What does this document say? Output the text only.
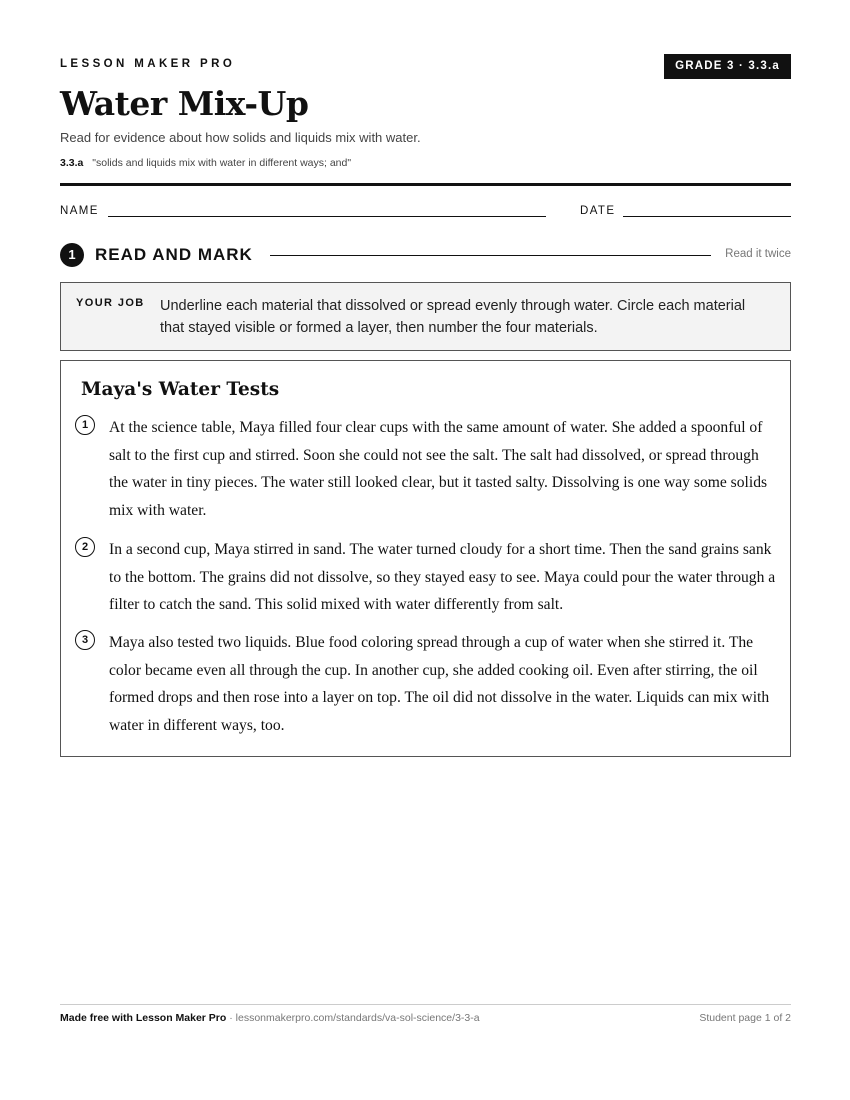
LESSON MAKER PRO	GRADE 3 · 3.3.a
Water Mix-Up
Read for evidence about how solids and liquids mix with water.
3.3.a "solids and liquids mix with water in different ways; and"
NAME	DATE
1	READ AND MARK	Read it twice
YOUR JOB Underline each material that dissolved or spread evenly through water. Circle each material that stayed visible or formed a layer, then number the four materials.
Maya's Water Tests
1	At the science table, Maya filled four clear cups with the same amount of water. She added a spoonful of salt to the first cup and stirred. Soon she could not see the salt. The salt had dissolved, or spread through the water in tiny pieces. The water still looked clear, but it tasted salty. Dissolving is one way some solids mix with water.
2	In a second cup, Maya stirred in sand. The water turned cloudy for a short time. Then the sand grains sank to the bottom. The grains did not dissolve, so they stayed easy to see. Maya could pour the water through a filter to catch the sand. This solid mixed with water differently from salt.
3	Maya also tested two liquids. Blue food coloring spread through a cup of water when she stirred it. The color became even all through the cup. In another cup, she added cooking oil. Even after stirring, the oil formed drops and then rose into a layer on top. The oil did not dissolve in the water. Liquids can mix with water in different ways, too.
Made free with Lesson Maker Pro · lessonmakerpro.com/standards/va-sol-science/3-3-a	Student page 1 of 2
